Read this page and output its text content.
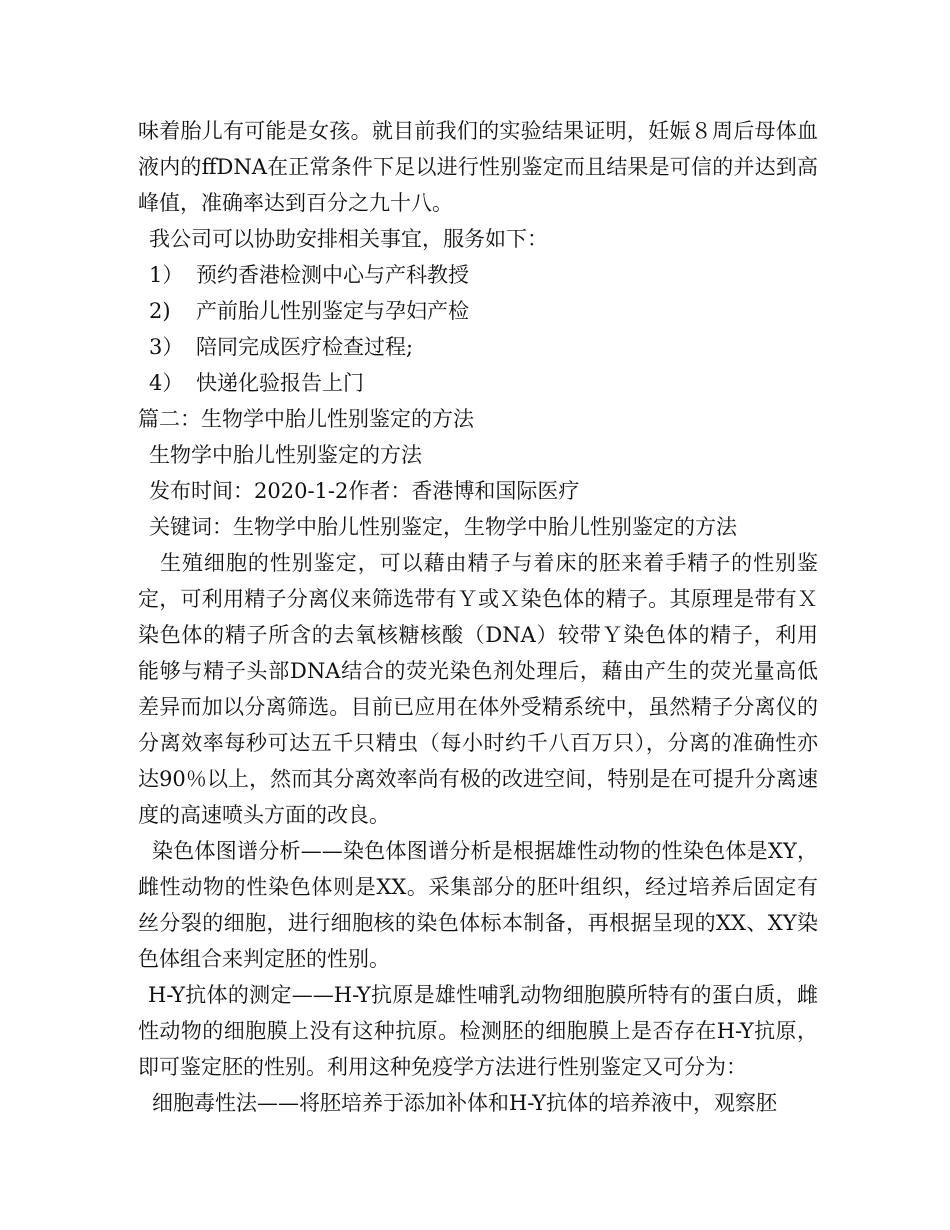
味着胎儿有可能是女孩。就目前我们的实验结果证明，妊娠８周后母体血液内的ffDNA在正常条件下足以进行性别鉴定而且结果是可信的并达到高峰值，准确率达到百分之九十八。

我公司可以协助安排相关事宜，服务如下：

1） 预约香港检测中心与产科教授

2) 产前胎儿性别鉴定与孕妇产检

3） 陪同完成医疗检查过程;

4） 快递化验报告上门

篇二：生物学中胎儿性别鉴定的方法

生物学中胎儿性别鉴定的方法

发布时间：2020-1-2作者：香港博和国际医疗

关键词：生物学中胎儿性别鉴定，生物学中胎儿性别鉴定的方法

生殖细胞的性别鉴定，可以藉由精子与着床的胚来着手精子的性别鉴定，可利用精子分离仪来筛选带有Ｙ或Ｘ染色体的精子。其原理是带有Ｘ染色体的精子所含的去氧核糖核酸（DNA）较带Ｙ染色体的精子，利用能够与精子头部DNA结合的荧光染色剂处理后，藉由产生的荧光量高低差异而加以分离筛选。目前已应用在体外受精系统中，虽然精子分离仪的分离效率每秒可达五千只精虫（每小时约千八百万只），分离的准确性亦达90％以上，然而其分离效率尚有极的改进空间，特别是在可提升分离速度的高速喷头方面的改良。

染色体图谱分析——染色体图谱分析是根据雄性动物的性染色体是XY，雌性动物的性染色体则是XX。采集部分的胚叶组织，经过培养后固定有丝分裂的细胞，进行细胞核的染色体标本制备，再根据呈现的XX、XY染色体组合来判定胚的性别。

H-Y抗体的测定——H-Y抗原是雄性哺乳动物细胞膜所特有的蛋白质，雌性动物的细胞膜上没有这种抗原。检测胚的细胞膜上是否存在H-Y抗原，即可鉴定胚的性别。利用这种免疫学方法进行性别鉴定又可分为：

细胞毒性法——将胚培养于添加补体和H-Y抗体的培养液中，观察胚
